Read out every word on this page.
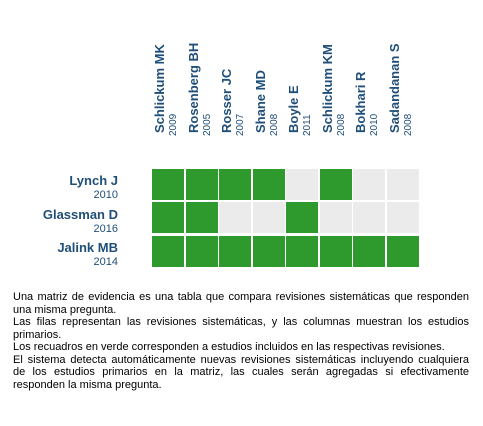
Schlickum MK 2009 Rosenberg BH 2005 Rosser JC 2007 Shane MD 2008 Boyle E 2011 Schlickum KM 2008 Bokhari R 2010 Sadandanan S 2008
Lynch J
2010
Glassman D
2016
Jalink MB
2014

Una matriz de evidencia es una tabla que compara revisiones sistemáticas que responden una misma pregunta.

Las filas representan las revisiones sistemáticas, y las columnas muestran los estudios primarios.

Los recuadros en verde corresponden a estudios incluidos en las respectivas revisiones.

El sistema detecta automáticamente nuevas revisiones sistemáticas incluyendo cualquiera de los estudios primarios en la matriz, las cuales serán agregadas si efectivamente responden la misma pregunta.
